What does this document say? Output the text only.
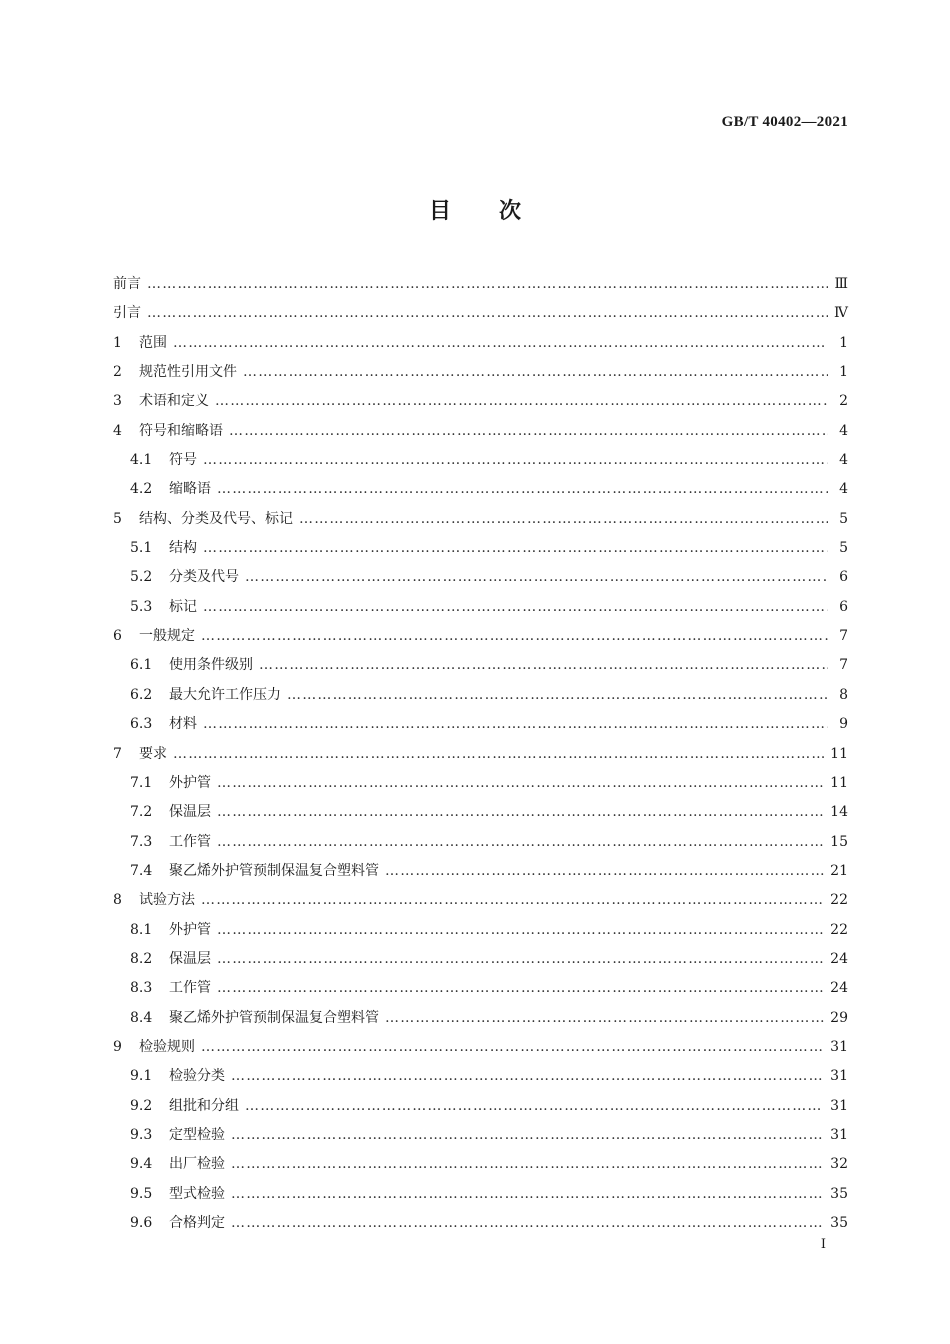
GB/T 40402—2021
目 次
前言 ………………………………………………………………………………………………………………………………………………………………………………	Ⅲ
引言 ………………………………………………………………………………………………………………………………………………………………………………	Ⅳ
1	范围 ………………………………………………………………………………………………………………………………………………………………………………	1
2	规范性引用文件 ………………………………………………………………………………………………………………………………………………………………………………	1
3	术语和定义 ………………………………………………………………………………………………………………………………………………………………………………	2
4	符号和缩略语 ………………………………………………………………………………………………………………………………………………………………………………	4
4.1	符号 ………………………………………………………………………………………………………………………………………………………………………………	4
4.2	缩略语 ………………………………………………………………………………………………………………………………………………………………………………	4
5	结构、分类及代号、标记 ………………………………………………………………………………………………………………………………………………………………………………	5
5.1	结构 ………………………………………………………………………………………………………………………………………………………………………………	5
5.2	分类及代号 ………………………………………………………………………………………………………………………………………………………………………………	6
5.3	标记 ………………………………………………………………………………………………………………………………………………………………………………	6
6	一般规定 ………………………………………………………………………………………………………………………………………………………………………………	7
6.1	使用条件级别 ………………………………………………………………………………………………………………………………………………………………………………	7
6.2	最大允许工作压力 ………………………………………………………………………………………………………………………………………………………………………………	8
6.3	材料 ………………………………………………………………………………………………………………………………………………………………………………	9
7	要求 ………………………………………………………………………………………………………………………………………………………………………………	11
7.1	外护管 ………………………………………………………………………………………………………………………………………………………………………………	11
7.2	保温层 ………………………………………………………………………………………………………………………………………………………………………………	14
7.3	工作管 ………………………………………………………………………………………………………………………………………………………………………………	15
7.4	聚乙烯外护管预制保温复合塑料管 ………………………………………………………………………………………………………………………………………………………………………………	21
8	试验方法 ………………………………………………………………………………………………………………………………………………………………………………	22
8.1	外护管 ………………………………………………………………………………………………………………………………………………………………………………	22
8.2	保温层 ………………………………………………………………………………………………………………………………………………………………………………	24
8.3	工作管 ………………………………………………………………………………………………………………………………………………………………………………	24
8.4	聚乙烯外护管预制保温复合塑料管 ………………………………………………………………………………………………………………………………………………………………………………	29
9	检验规则 ………………………………………………………………………………………………………………………………………………………………………………	31
9.1	检验分类 ………………………………………………………………………………………………………………………………………………………………………………	31
9.2	组批和分组 ………………………………………………………………………………………………………………………………………………………………………………	31
9.3	定型检验 ………………………………………………………………………………………………………………………………………………………………………………	31
9.4	出厂检验 ………………………………………………………………………………………………………………………………………………………………………………	32
9.5	型式检验 ………………………………………………………………………………………………………………………………………………………………………………	35
9.6	合格判定 ………………………………………………………………………………………………………………………………………………………………………………	35
Ⅰ
